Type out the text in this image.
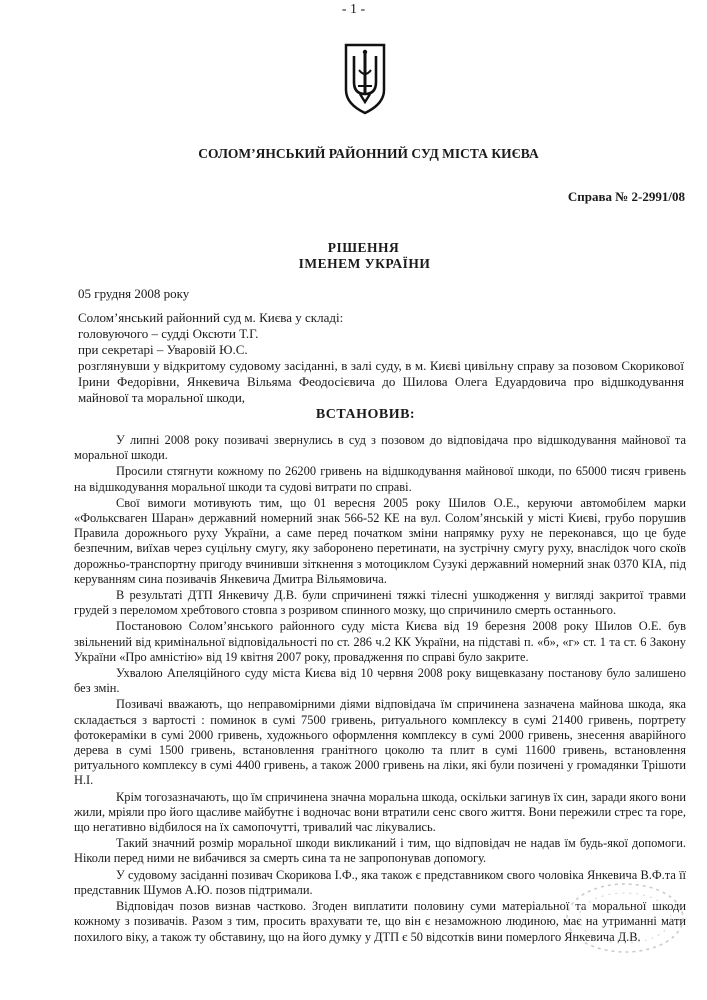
- 1 -
СОЛОМ’ЯНСЬКИЙ РАЙОННИЙ СУД МІСТА КИЄВА
Справа № 2-2991/08
РІШЕННЯ
ІМЕНЕМ УКРАЇНИ
05 грудня 2008 року
Солом’янський районний суд м. Києва у складі:
головуючого – судді Оксюти Т.Г.
при секретарі – Уваровій Ю.С.
розглянувши у відкритому судовому засіданні, в залі суду, в м. Києві цивільну справу за позовом Скорикової Ірини Федорівни, Янкевича Вільяма Феодосієвича до Шилова Олега Едуардовича про відшкодування майнової та моральної шкоди,
ВСТАНОВИВ:

У липні 2008 року позивачі звернулись в суд з позовом до відповідача про відшкодування майнової та моральної шкоди.

Просили стягнути кожному по 26200 гривень на відшкодування майнової шкоди, по 65000 тисяч гривень на відшкодування моральної шкоди та судові витрати по справі.

Свої вимоги мотивують тим, що 01 вересня 2005 року Шилов О.Е., керуючи автомобілем марки «Фольксваген Шаран» державний номерний знак 566-52 КЕ на вул. Солом’янській у місті Києві, грубо порушив Правила дорожнього руху України, а саме перед початком зміни напрямку руху не переконався, що це буде безпечним, виїхав через суцільну смугу, яку заборонено перетинати, на зустрічну смугу руху, внаслідок чого скоїв дорожньо-транспортну пригоду вчинивши зіткнення з мотоциклом Сузукі державний номерний знак 0370 КІА, під керуванням сина позивачів Янкевича Дмитра Вільямовича.

В результаті ДТП Янкевичу Д.В. були спричинені тяжкі тілесні ушкодження у вигляді закритої травми грудей з переломом хребтового стовпа з розривом спинного мозку, що спричинило смерть останнього.

Постановою Солом’янського районного суду міста Києва від 19 березня 2008 року Шилов О.Е. був звільнений від кримінальної відповідальності по ст. 286 ч.2 КК України, на підставі п. «б», «г» ст. 1 та ст. 6 Закону України «Про амністію» від 19 квітня 2007 року, провадження по справі було закрите.

Ухвалою Апеляційного суду міста Києва від 10 червня 2008 року вищевказану постанову було залишено без змін.

Позивачі вважають, що неправомірними діями відповідача їм спричинена зазначена майнова шкода, яка складається з вартості : поминок в сумі 7500 гривень, ритуального комплексу в сумі 21400 гривень, портрету фотокераміки в сумі 2000 гривень, художнього оформлення комплексу в сумі 2000 гривень, знесення аварійного дерева в сумі 1500 гривень, встановлення гранітного цоколю та плит в сумі 11600 гривень, встановлення ритуального комплексу в сумі 4400 гривень, а також 2000 гривень на ліки, які були позичені у громадянки Трішоти Н.І.

Крім тогозазначають, що їм спричинена значна моральна шкода, оскільки загинув їх син, заради якого вони жили, мріяли про його щасливе майбутнє і водночас вони втратили сенс свого життя. Вони пережили стрес та горе, що негативно відбилося на їх самопочутті, тривалий час лікувались.

Такий значний розмір моральної шкоди викликаний і тим, що відповідач не надав їм будь-якої допомоги. Ніколи перед ними не вибачився за смерть сина та не запропонував допомогу.

У судовому засіданні позивач Скорикова І.Ф., яка також є представником свого чоловіка Янкевича В.Ф.та її представник Шумов А.Ю. позов підтримали.

Відповідач позов визнав частково. Згоден виплатити половину суми матеріальної та моральної шкоди кожному з позивачів. Разом з тим, просить врахувати те, що він є незаможною людиною, має на утриманні мати похилого віку, а також ту обставину, що на його думку у ДТП є 50 відсотків вини померлого Янкевича Д.В.
